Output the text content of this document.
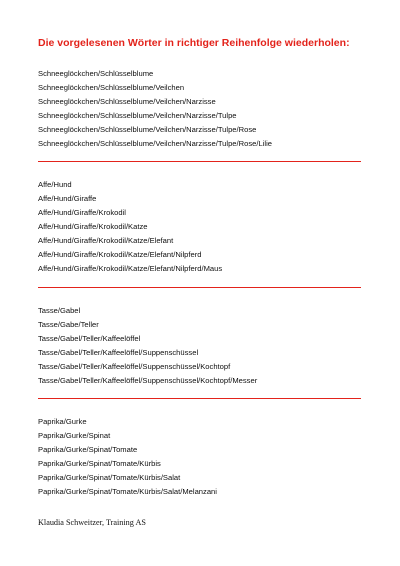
Die vorgelesenen Wörter in richtiger Reihenfolge wiederholen:
Schneeglöckchen/Schlüsselblume
Schneeglöckchen/Schlüsselblume/Veilchen
Schneeglöckchen/Schlüsselblume/Veilchen/Narzisse
Schneeglöckchen/Schlüsselblume/Veilchen/Narzisse/Tulpe
Schneeglöckchen/Schlüsselblume/Veilchen/Narzisse/Tulpe/Rose
Schneeglöckchen/Schlüsselblume/Veilchen/Narzisse/Tulpe/Rose/Lilie
Affe/Hund
Affe/Hund/Giraffe
Affe/Hund/Giraffe/Krokodil
Affe/Hund/Giraffe/Krokodil/Katze
Affe/Hund/Giraffe/Krokodil/Katze/Elefant
Affe/Hund/Giraffe/Krokodil/Katze/Elefant/Nilpferd
Affe/Hund/Giraffe/Krokodil/Katze/Elefant/Nilpferd/Maus
Tasse/Gabel
Tasse/Gabe/Teller
Tasse/Gabel/Teller/Kaffeelöffel
Tasse/Gabel/Teller/Kaffeelöffel/Suppenschüssel
Tasse/Gabel/Teller/Kaffeelöffel/Suppenschüssel/Kochtopf
Tasse/Gabel/Teller/Kaffeelöffel/Suppenschüssel/Kochtopf/Messer
Paprika/Gurke
Paprika/Gurke/Spinat
Paprika/Gurke/Spinat/Tomate
Paprika/Gurke/Spinat/Tomate/Kürbis
Paprika/Gurke/Spinat/Tomate/Kürbis/Salat
Paprika/Gurke/Spinat/Tomate/Kürbis/Salat/Melanzani
Klaudia Schweitzer, Training AS
